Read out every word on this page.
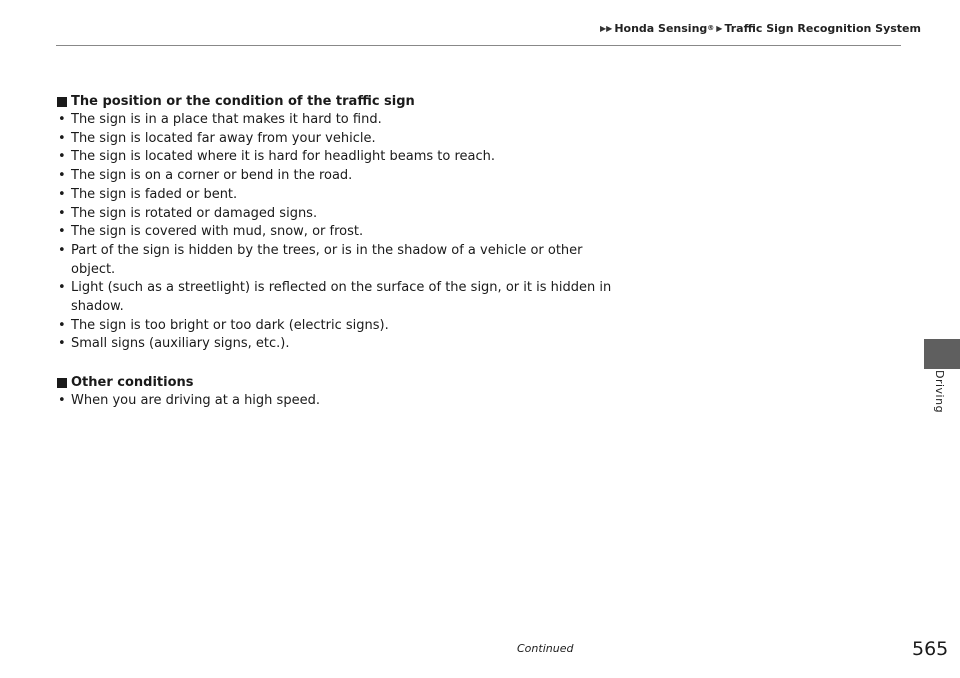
▶▶ Honda Sensing ® ▶ Traffic Sign Recognition System
The position or the condition of the traffic sign
• The sign is in a place that makes it hard to find.
• The sign is located far away from your vehicle.
• The sign is located where it is hard for headlight beams to reach.
• The sign is on a corner or bend in the road.
• The sign is faded or bent.
• The sign is rotated or damaged signs.
• The sign is covered with mud, snow, or frost.
• Part of the sign is hidden by the trees, or is in the shadow of a vehicle or other object.
• Light (such as a streetlight) is reflected on the surface of the sign, or it is hidden in shadow.
• The sign is too bright or too dark (electric signs).
• Small signs (auxiliary signs, etc.).
Other conditions
• When you are driving at a high speed.	Driving
Continued	565
